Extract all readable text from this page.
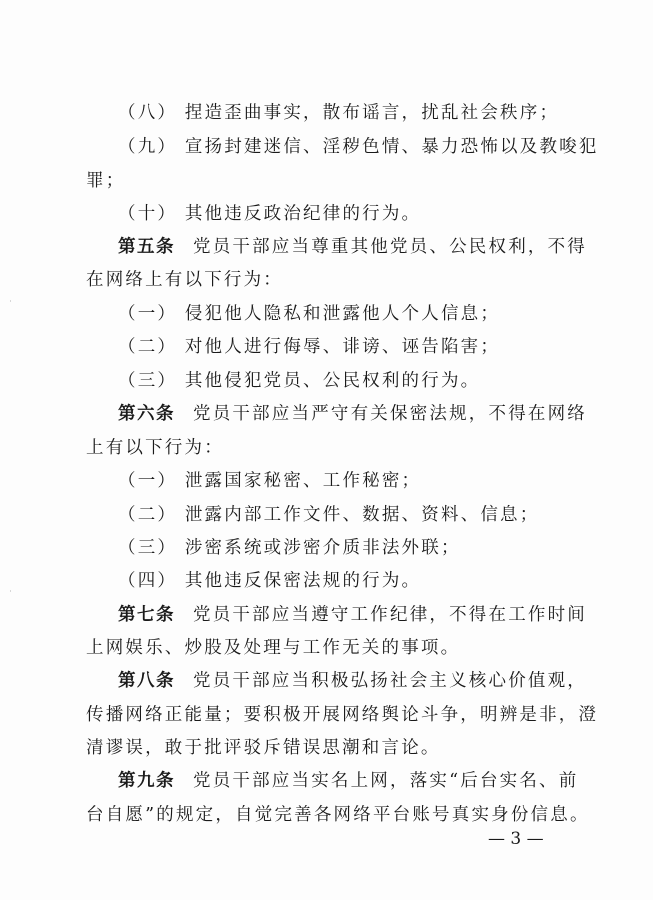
（八） 捏造歪曲事实，散布谣言，扰乱社会秩序；
（九） 宣扬封建迷信、淫秽色情、暴力恐怖以及教唆犯
罪；
（十） 其他违反政治纪律的行为。
第五条 党员干部应当尊重其他党员、公民权利，不得
在网络上有以下行为：
（一） 侵犯他人隐私和泄露他人个人信息；
（二） 对他人进行侮辱、诽谤、诬告陷害；
（三） 其他侵犯党员、公民权利的行为。
第六条 党员干部应当严守有关保密法规，不得在网络
上有以下行为：
（一） 泄露国家秘密、工作秘密；
（二） 泄露内部工作文件、数据、资料、信息；
（三） 涉密系统或涉密介质非法外联；
（四） 其他违反保密法规的行为。
第七条 党员干部应当遵守工作纪律，不得在工作时间
上网娱乐、炒股及处理与工作无关的事项。
第八条 党员干部应当积极弘扬社会主义核心价值观，
传播网络正能量；要积极开展网络舆论斗争，明辨是非，澄
清谬误，敢于批评驳斥错误思潮和言论。
第九条 党员干部应当实名上网，落实“后台实名、前
台自愿”的规定，自觉完善各网络平台账号真实身份信息。
— 3 —
